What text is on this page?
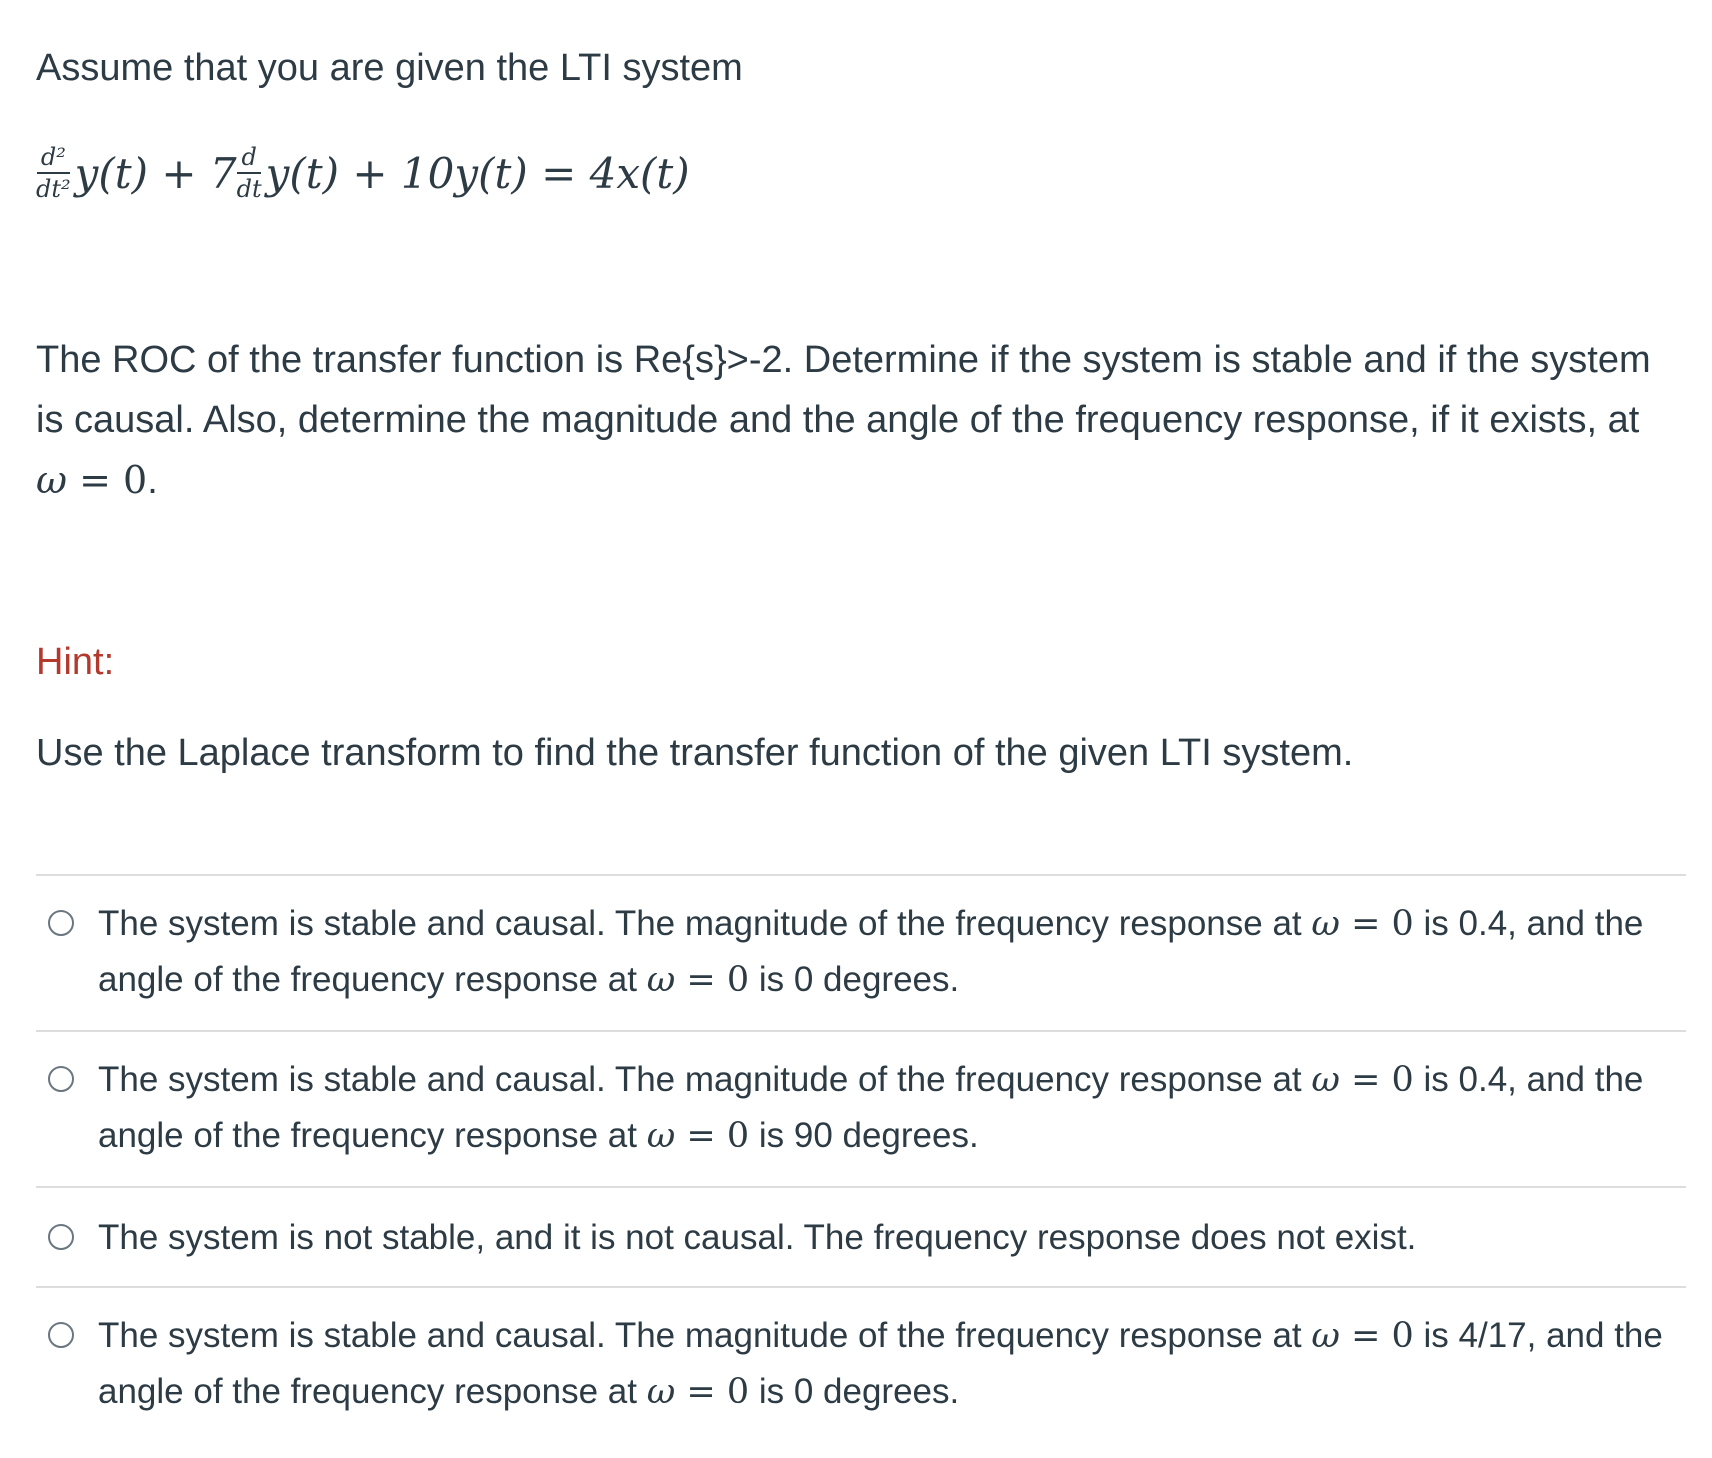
Assume that you are given the LTI system
$\frac{\text{d²}}{\text{dt²}} y(t) + 7 \frac{d}{dt} y(t) + 10y(t) = 4x(t)$
The ROC of the transfer function is Re{s}>-2. Determine if the system is stable and if the system is causal. Also, determine the magnitude and the angle of the frequency response, if it exists, at ω = 0.
Hint:
Use the Laplace transform to find the transfer function of the given LTI system.
The system is stable and causal. The magnitude of the frequency response at ω = 0 is 0.4, and the angle of the frequency response at ω = 0 is 0 degrees.
The system is stable and causal. The magnitude of the frequency response at ω = 0 is 0.4, and the angle of the frequency response at ω = 0 is 90 degrees.
The system is not stable, and it is not causal. The frequency response does not exist.
The system is stable and causal. The magnitude of the frequency response at ω = 0 is 4/17, and the angle of the frequency response at ω = 0 is 0 degrees.
